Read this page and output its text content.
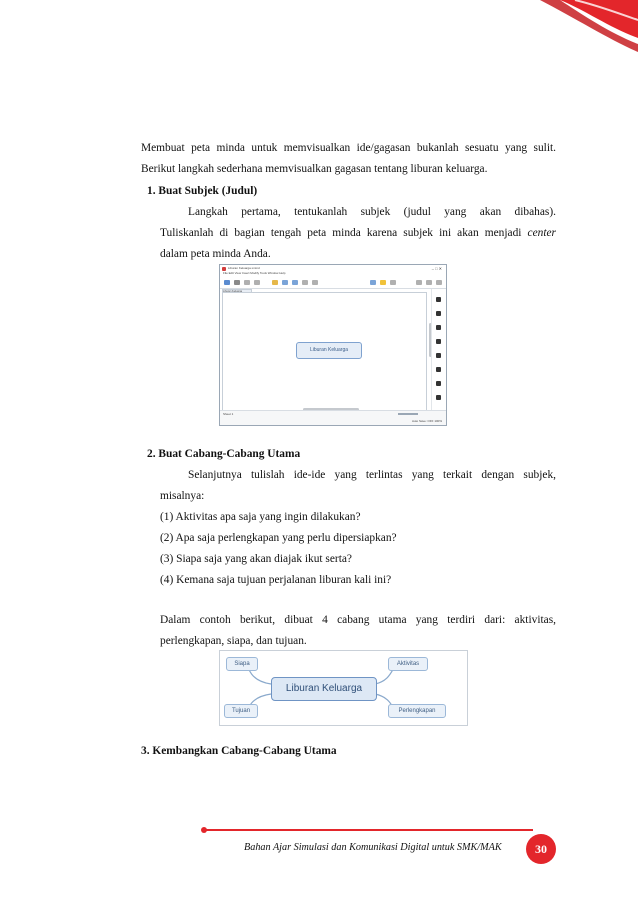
Membuat peta minda untuk memvisualkan ide/gagasan bukanlah sesuatu yang sulit.
Berikut langkah sederhana memvisualkan gagasan tentang liburan keluarga.
1. Buat Subjek (Judul)
Langkah pertama, tentukanlah subjek (judul yang akan dibahas).
Tuliskanlah di bagian tengah peta minda karena subjek ini akan menjadi center
dalam peta minda Anda.
Liburan Keluarga.xmind	– □ ✕
File Edit View Insert Modify Tools Window Help
Liburan Keluarga
Sheet 1
Auto Save: OFF 100%
2. Buat Cabang-Cabang Utama
Selanjutnya tulislah ide-ide yang terlintas yang terkait dengan subjek,
misalnya:
(1) Aktivitas apa saja yang ingin dilakukan?
(2) Apa saja perlengkapan yang perlu dipersiapkan?
(3) Siapa saja yang akan diajak ikut serta?
(4) Kemana saja tujuan perjalanan liburan kali ini?
Dalam contoh berikut, dibuat 4 cabang utama yang terdiri dari: aktivitas,
perlengkapan, siapa, dan tujuan.
Liburan Keluarga
Siapa	Aktivitas
Tujuan	Perlengkapan
3. Kembangkan Cabang-Cabang Utama
Bahan Ajar Simulasi dan Komunikasi Digital untuk SMK/MAK	30
